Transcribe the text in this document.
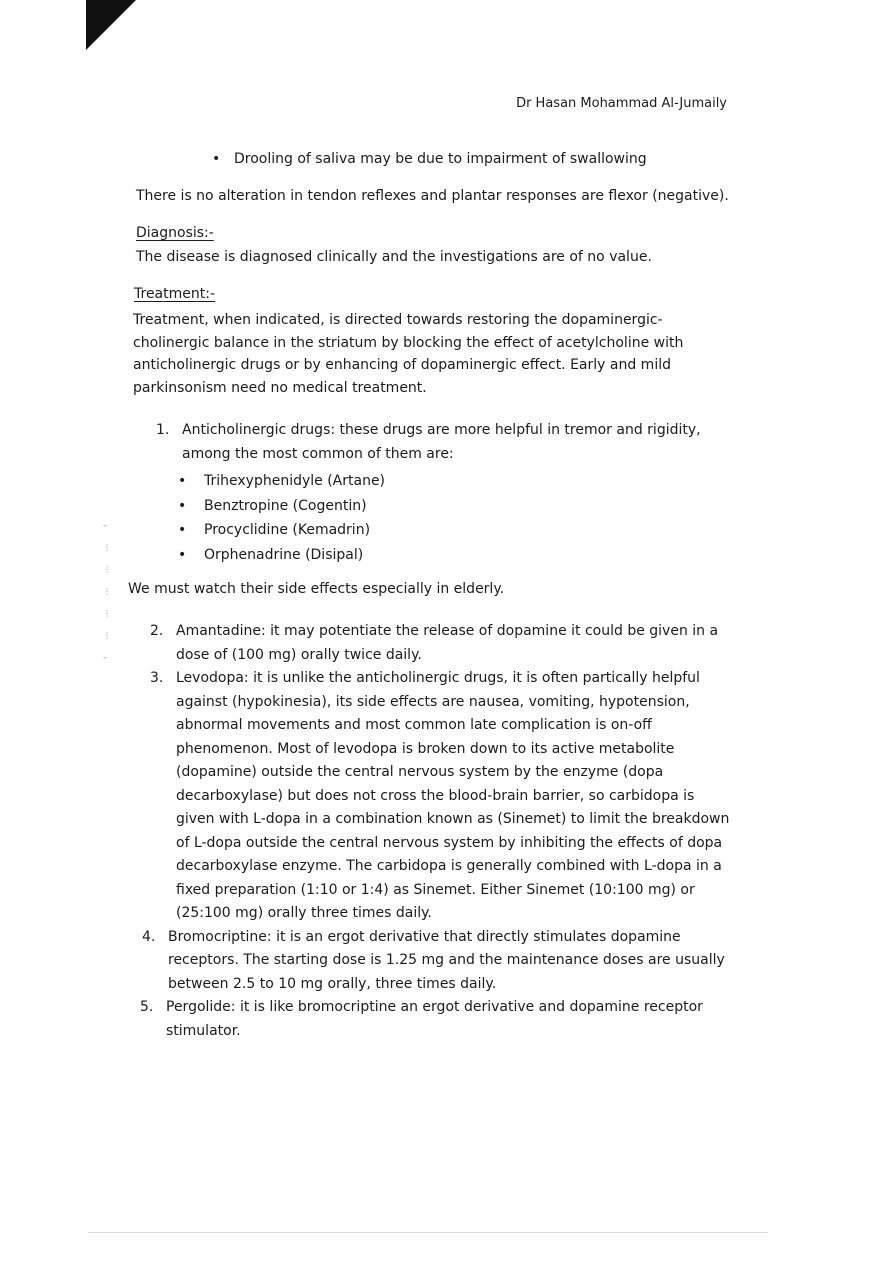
Dr Hasan Mohammad Al-Jumaily
• Drooling of saliva may be due to impairment of swallowing
There is no alteration in tendon reflexes and plantar responses are flexor (negative).
Diagnosis:-
The disease is diagnosed clinically and the investigations are of no value.
Treatment:-
Treatment, when indicated, is directed towards restoring the dopaminergic-cholinergic balance in the striatum by blocking the effect of acetylcholine with anticholinergic drugs or by enhancing of dopaminergic effect. Early and mild parkinsonism need no medical treatment.
1. Anticholinergic drugs: these drugs are more helpful in tremor and rigidity, among the most common of them are:
• Trihexyphenidyle (Artane)
• Benztropine (Cogentin)
• Procyclidine (Kemadrin)
• Orphenadrine (Disipal)
–
⋮
⋮
⋮
⋮
⋮
–
We must watch their side effects especially in elderly.
2. Amantadine: it may potentiate the release of dopamine it could be given in a dose of (100 mg) orally twice daily.
3. Levodopa: it is unlike the anticholinergic drugs, it is often partically helpful against (hypokinesia), its side effects are nausea, vomiting, hypotension, abnormal movements and most common late complication is on-off phenomenon. Most of levodopa is broken down to its active metabolite (dopamine) outside the central nervous system by the enzyme (dopa decarboxylase) but does not cross the blood-brain barrier, so carbidopa is given with L-dopa in a combination known as (Sinemet) to limit the breakdown of L-dopa outside the central nervous system by inhibiting the effects of dopa decarboxylase enzyme. The carbidopa is generally combined with L-dopa in a fixed preparation (1:10 or 1:4) as Sinemet. Either Sinemet (10:100 mg) or (25:100 mg) orally three times daily.
4. Bromocriptine: it is an ergot derivative that directly stimulates dopamine receptors. The starting dose is 1.25 mg and the maintenance doses are usually between 2.5 to 10 mg orally, three times daily.
5. Pergolide: it is like bromocriptine an ergot derivative and dopamine receptor stimulator.
